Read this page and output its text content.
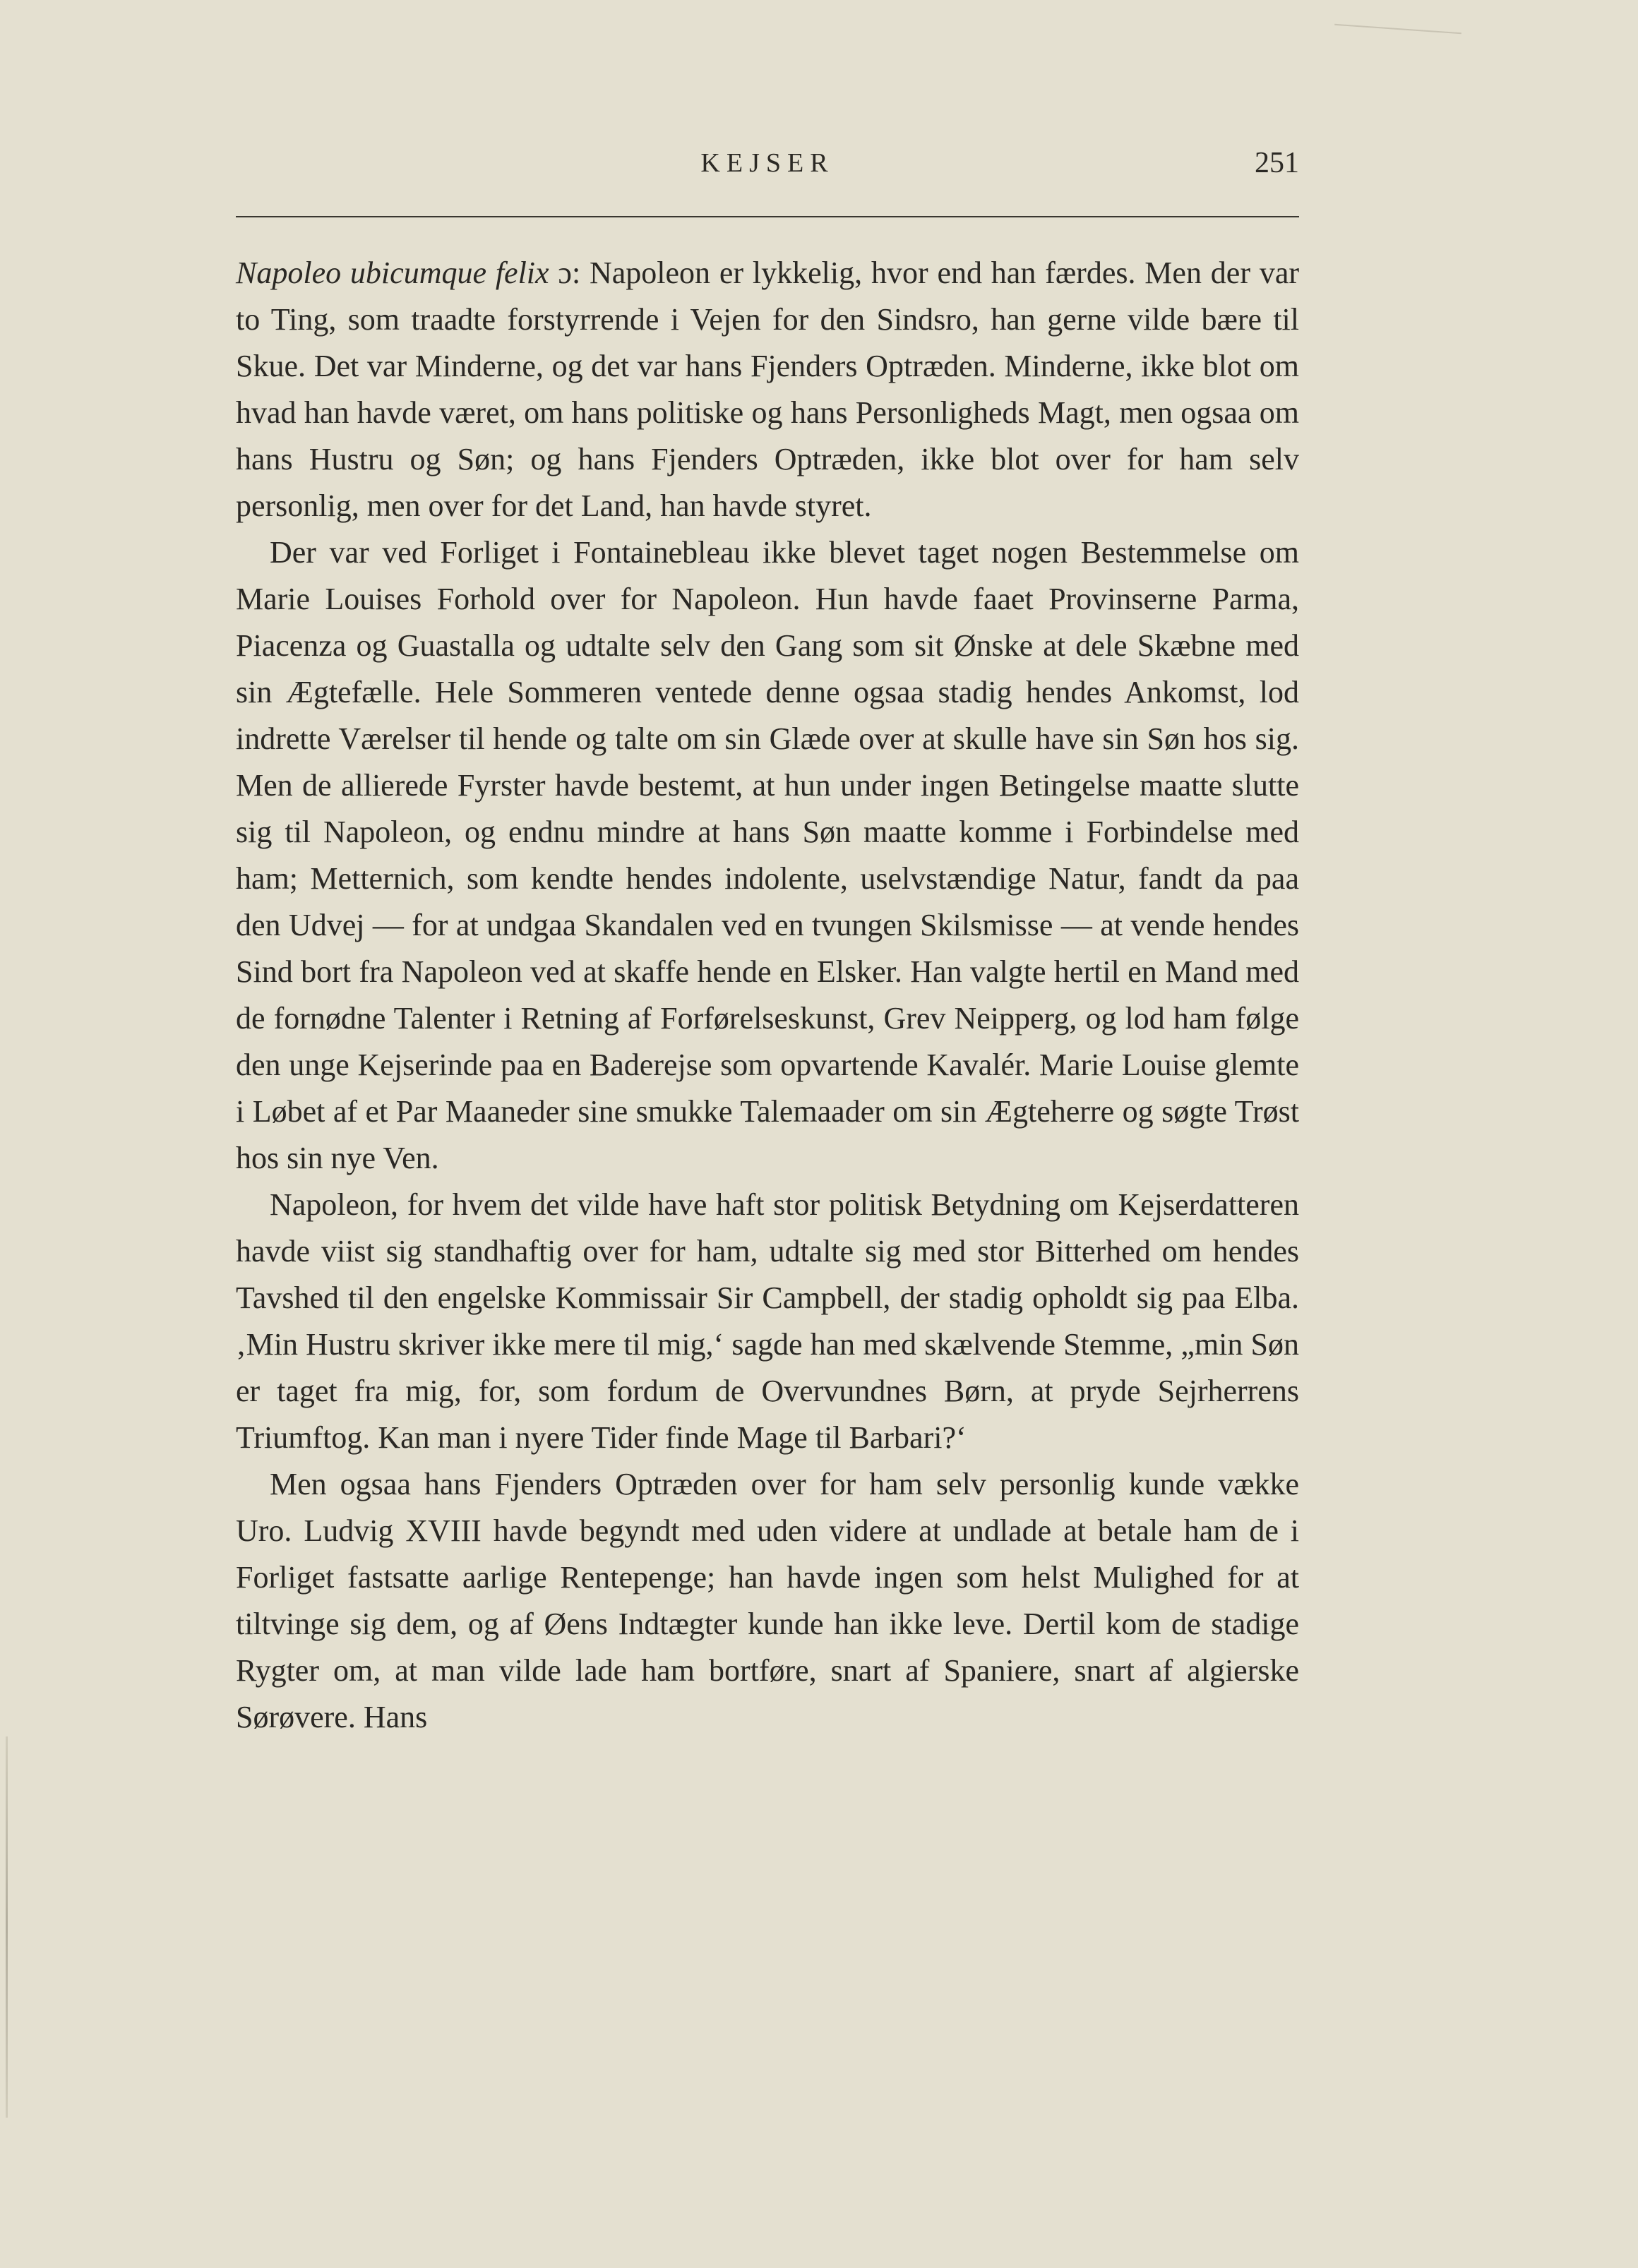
KEJSER	251

Napoleo ubicumque felix ɔ: Napoleon er lykkelig, hvor end han færdes. Men der var to Ting, som traadte forstyrrende i Vejen for den Sindsro, han gerne vilde bære til Skue. Det var Minderne, og det var hans Fjenders Optræden. Minderne, ikke blot om hvad han havde været, om hans politiske og hans Personligheds Magt, men ogsaa om hans Hustru og Søn; og hans Fjenders Optræden, ikke blot over for ham selv personlig, men over for det Land, han havde styret.

Der var ved Forliget i Fontainebleau ikke blevet taget nogen Bestemmelse om Marie Louises Forhold over for Napoleon. Hun havde faaet Provinserne Parma, Piacenza og Guastalla og udtalte selv den Gang som sit Ønske at dele Skæbne med sin Ægtefælle. Hele Sommeren ventede denne ogsaa stadig hendes Ankomst, lod indrette Værelser til hende og talte om sin Glæde over at skulle have sin Søn hos sig. Men de allierede Fyrster havde bestemt, at hun under ingen Betingelse maatte slutte sig til Napoleon, og endnu mindre at hans Søn maatte komme i Forbindelse med ham; Metternich, som kendte hendes indolente, uselvstændige Natur, fandt da paa den Udvej — for at undgaa Skandalen ved en tvungen Skilsmisse — at vende hendes Sind bort fra Napoleon ved at skaffe hende en Elsker. Han valgte hertil en Mand med de fornødne Talenter i Retning af Forførelseskunst, Grev Neipperg, og lod ham følge den unge Kejserinde paa en Baderejse som opvartende Kavalér. Marie Louise glemte i Løbet af et Par Maaneder sine smukke Talemaader om sin Ægteherre og søgte Trøst hos sin nye Ven.

Napoleon, for hvem det vilde have haft stor politisk Betydning om Kejserdatteren havde viist sig standhaftig over for ham, udtalte sig med stor Bitterhed om hendes Tavshed til den engelske Kommissair Sir Campbell, der stadig opholdt sig paa Elba. ‚Min Hustru skriver ikke mere til mig,‘ sagde han med skælvende Stemme, „min Søn er taget fra mig, for, som fordum de Overvundnes Børn, at pryde Sejrherrens Triumftog. Kan man i nyere Tider finde Mage til Barbari?‘

Men ogsaa hans Fjenders Optræden over for ham selv personlig kunde vække Uro. Ludvig XVIII havde begyndt med uden videre at undlade at betale ham de i Forliget fastsatte aarlige Rentepenge; han havde ingen som helst Mulighed for at tiltvinge sig dem, og af Øens Indtægter kunde han ikke leve. Dertil kom de stadige Rygter om, at man vilde lade ham bortføre, snart af Spaniere, snart af algierske Sørøvere. Hans
